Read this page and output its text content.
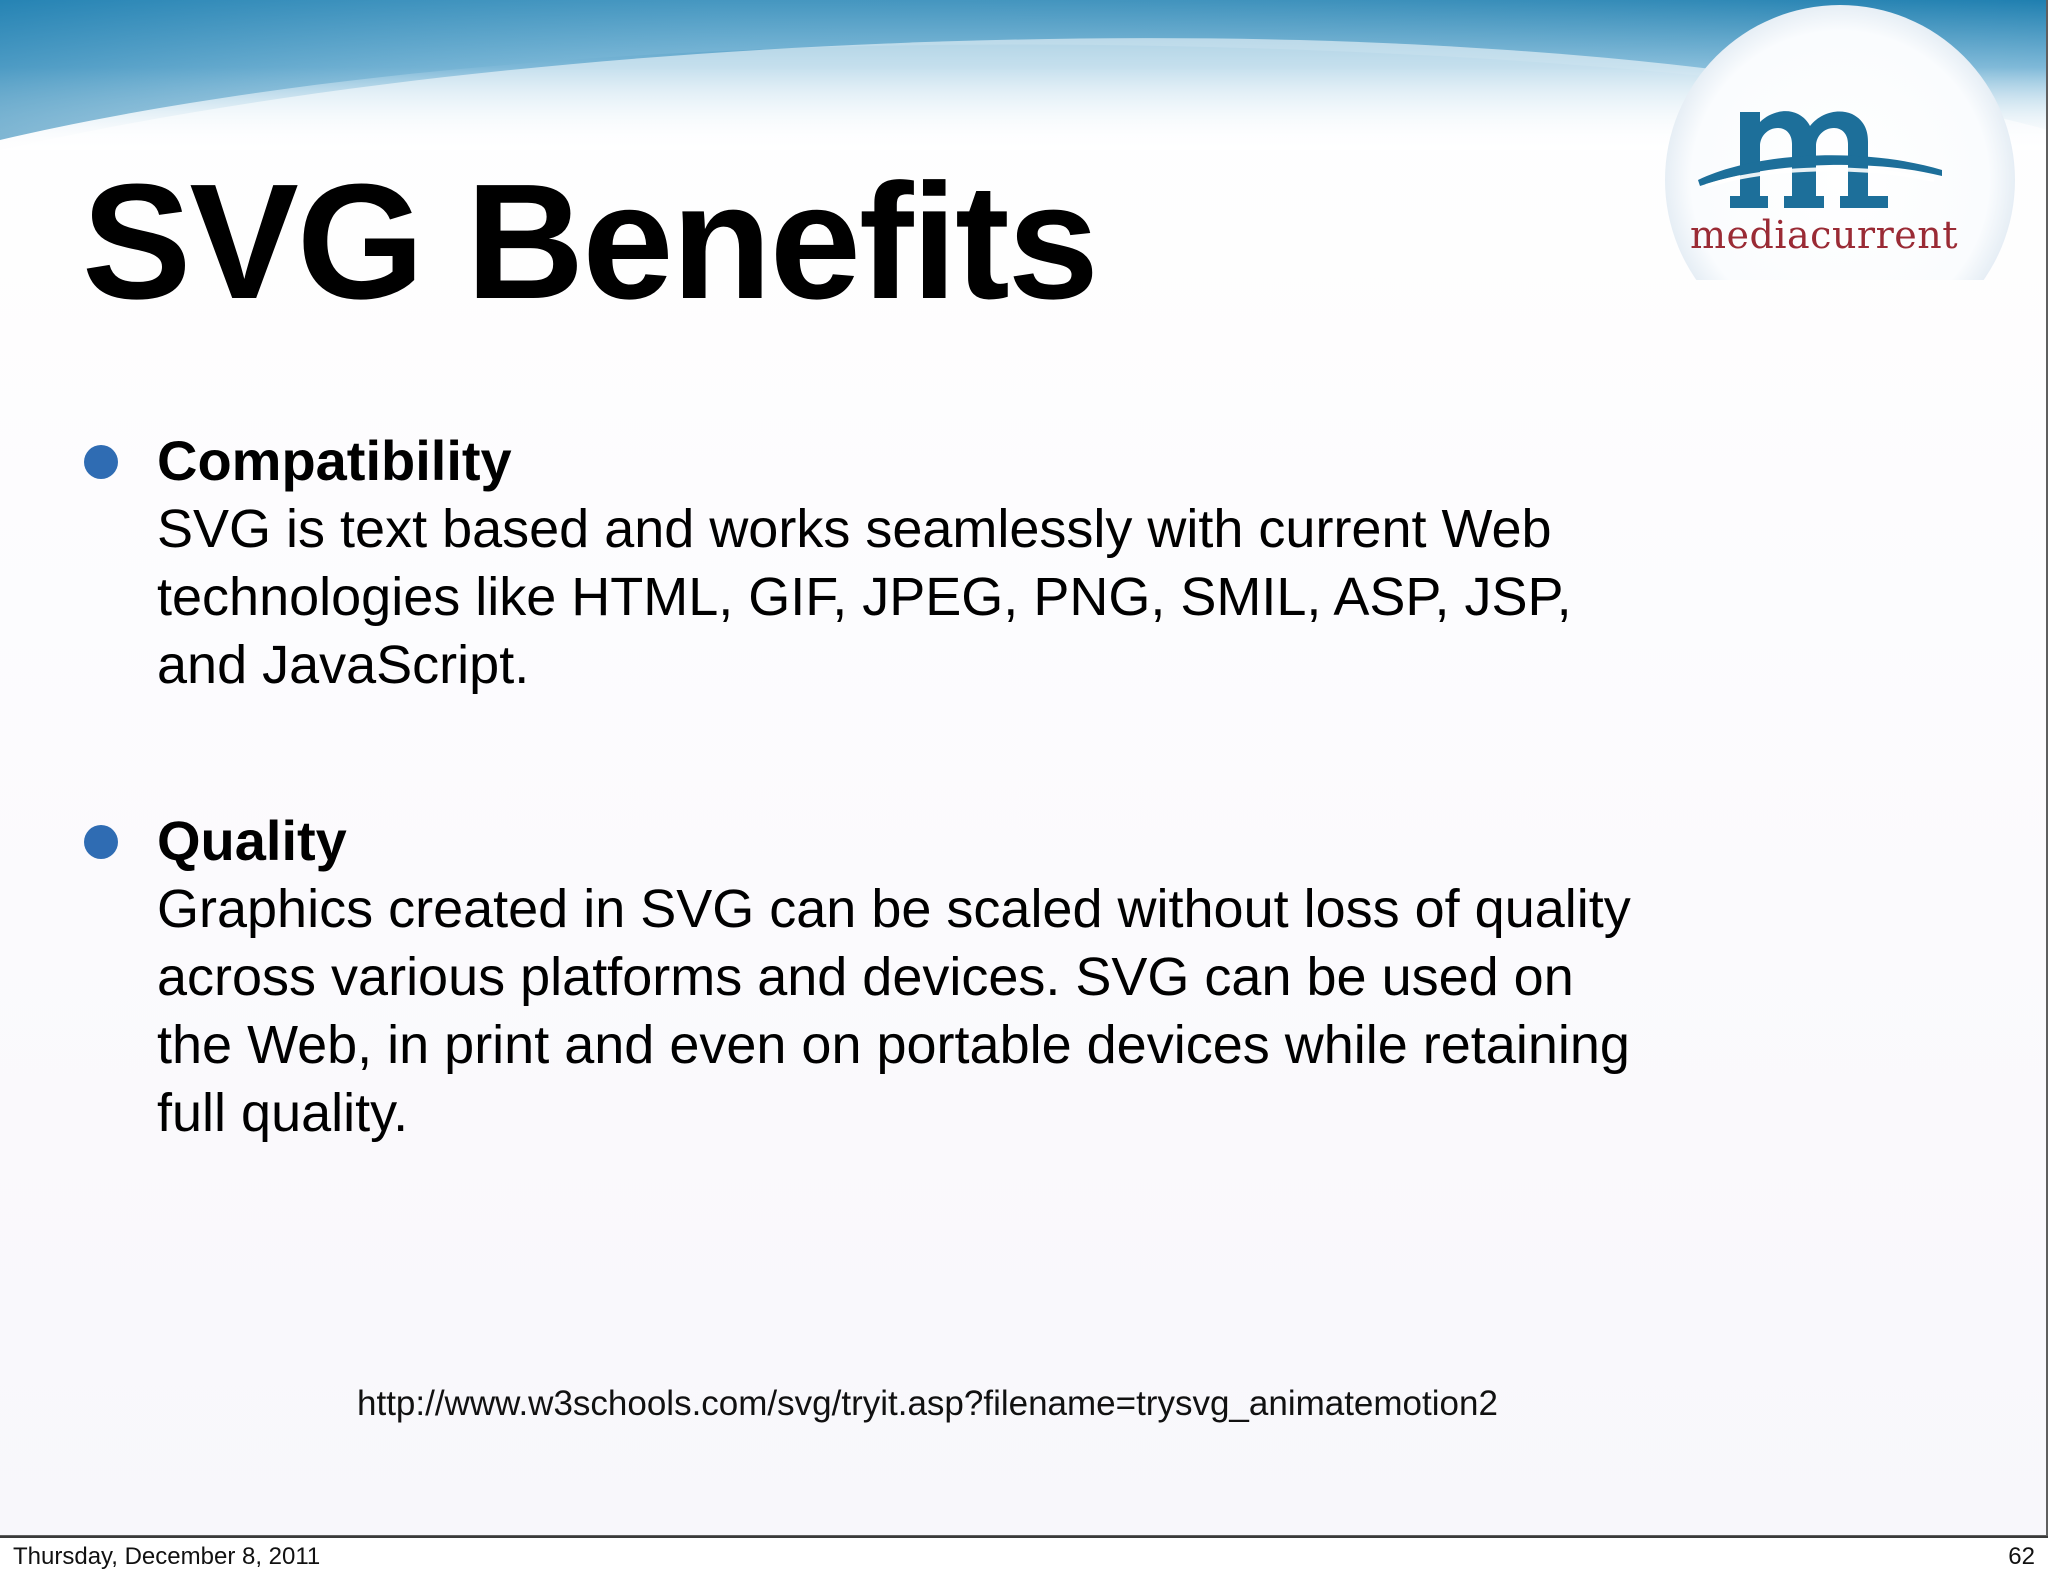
mediacurrent
SVG Benefits
Compatibility
SVG is text based and works seamlessly with current Web
technologies like HTML, GIF, JPEG, PNG, SMIL, ASP, JSP,
and JavaScript.
Quality
Graphics created in SVG can be scaled without loss of quality
across various platforms and devices. SVG can be used on
the Web, in print and even on portable devices while retaining
full quality.
http://www.w3schools.com/svg/tryit.asp?filename=trysvg_animatemotion2
Thursday, December 8, 2011	62
